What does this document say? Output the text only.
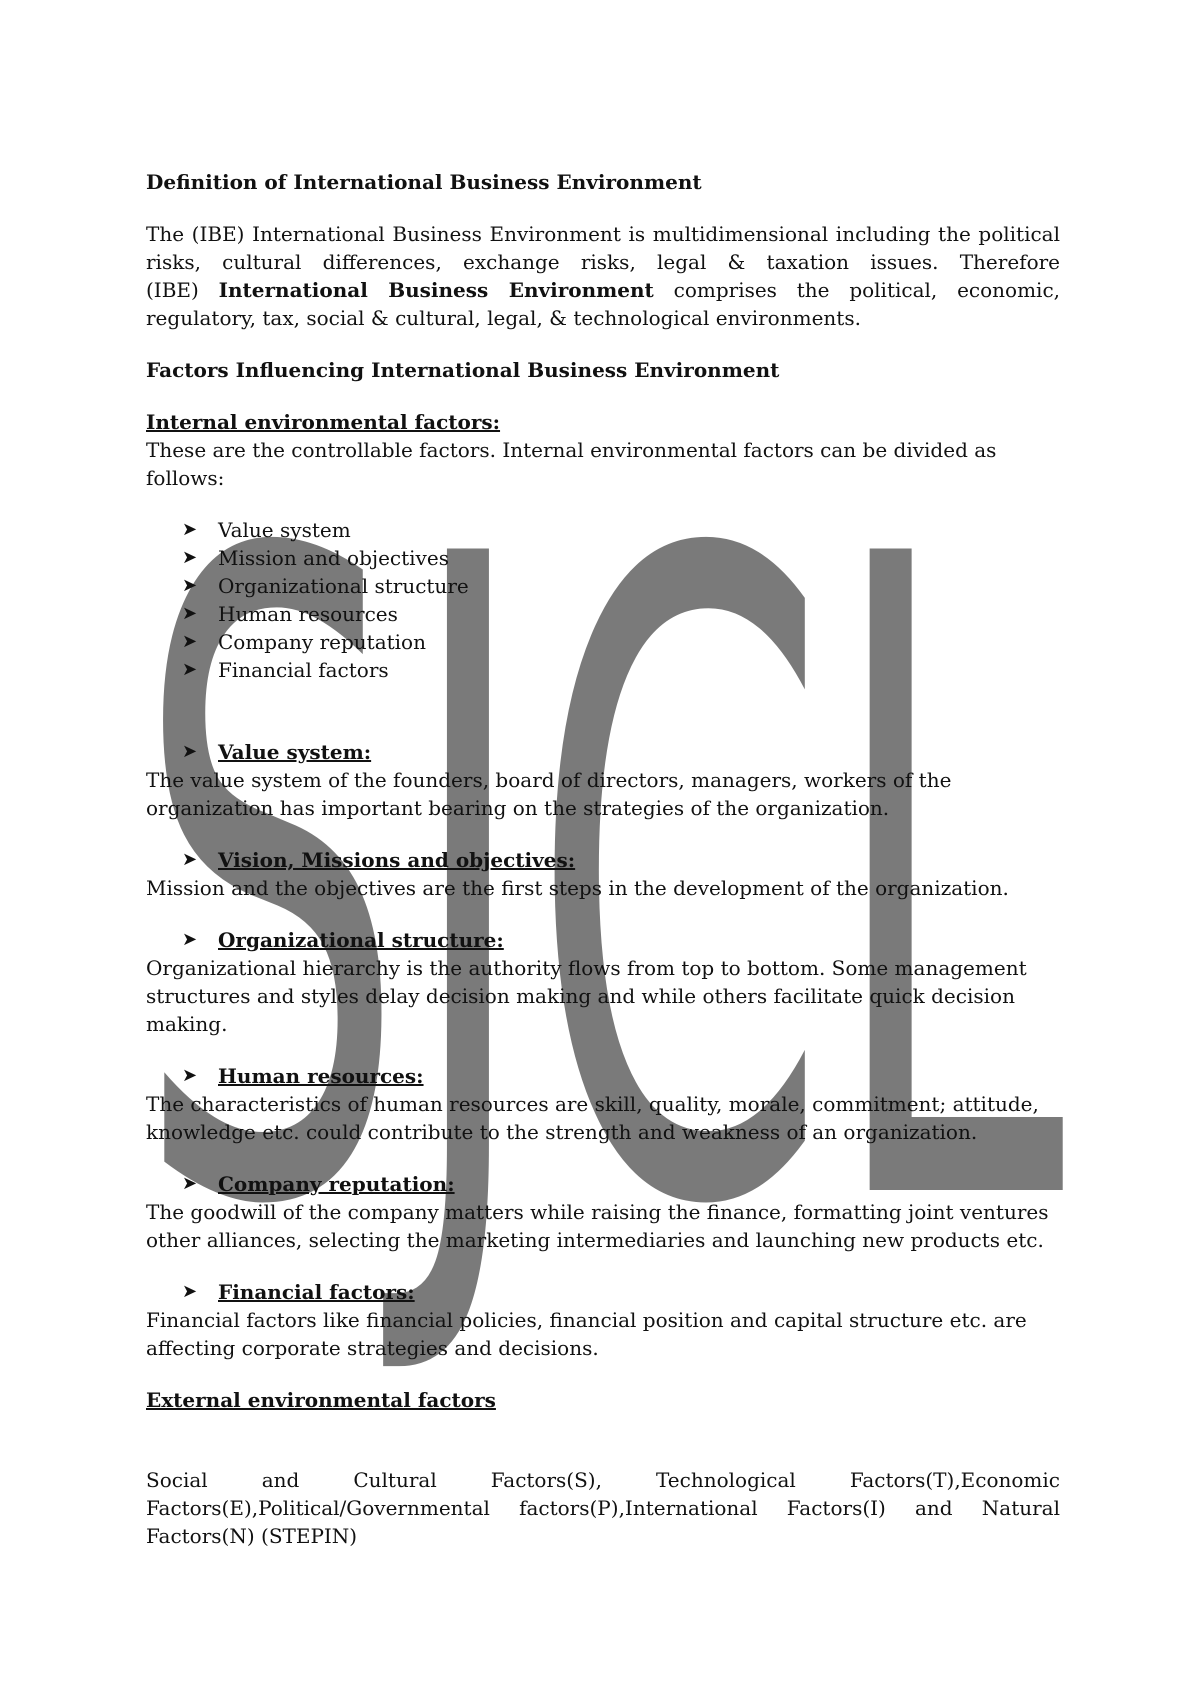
SJCL
Definition of International Business Environment

The (IBE) International Business Environment is multidimensional including the political risks, cultural differences, exchange risks, legal & taxation issues. Therefore (IBE) International Business Environment comprises the political, economic, regulatory, tax, social & cultural, legal, & technological environments.

Factors Influencing International Business Environment

Internal environmental factors:

These are the controllable factors. Internal environmental factors can be divided as follows:

➤	Value system
➤	Mission and objectives
➤	Organizational structure
➤	Human resources
➤	Company reputation
➤	Financial factors
➤	Value system:

The value system of the founders, board of directors, managers, workers of the organization has important bearing on the strategies of the organization.

➤	Vision, Missions and objectives:

Mission and the objectives are the first steps in the development of the organization.

➤	Organizational structure:

Organizational hierarchy is the authority flows from top to bottom. Some management structures and styles delay decision making and while others facilitate quick decision making.

➤	Human resources:

The characteristics of human resources are skill, quality, morale, commitment; attitude, knowledge etc. could contribute to the strength and weakness of an organization.

➤	Company reputation:

The goodwill of the company matters while raising the finance, formatting joint ventures other alliances, selecting the marketing intermediaries and launching new products etc.

➤	Financial factors:

Financial factors like financial policies, financial position and capital structure etc. are affecting corporate strategies and decisions.

External environmental factors

Social and Cultural Factors(S), Technological Factors(T),Economic Factors(E),Political/Governmental factors(P),International Factors(I) and Natural Factors(N) (STEPIN)
